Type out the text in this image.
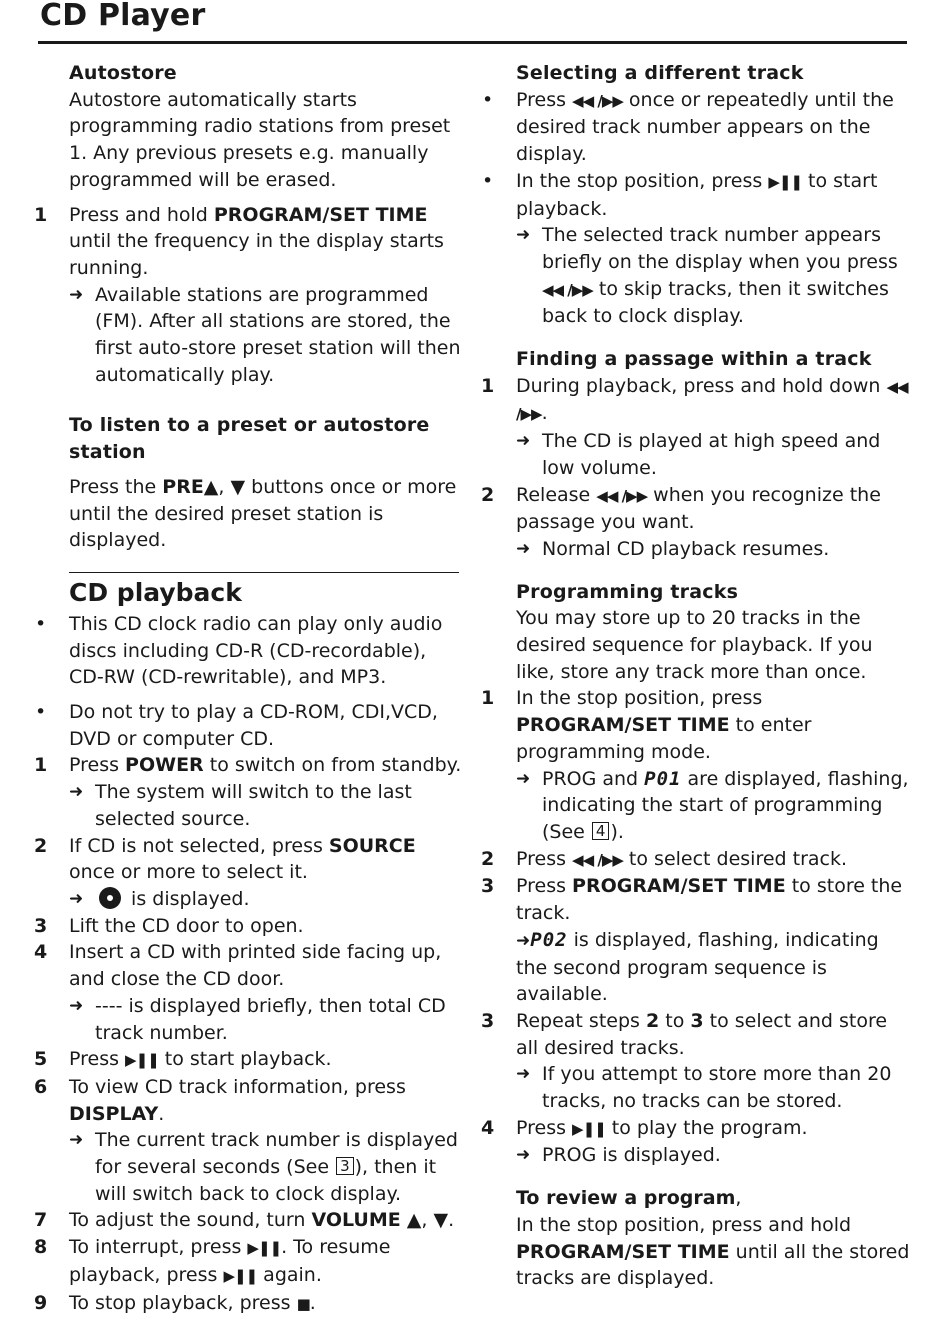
CD Player
Autostore
Autostore automatically starts programming radio stations from preset 1. Any previous presets e.g. manually programmed will be erased.
1	Press and hold PROGRAM/SET TIME until the frequency in the display starts running.
➜ Available stations are programmed (FM). After all stations are stored, the first auto-store preset station will then automatically play.
To listen to a preset or autostore station
Press the PRE▲, ▼ buttons once or more until the desired preset station is displayed.
CD playback
•	This CD clock radio can play only audio discs including CD-R (CD-recordable), CD-RW (CD-rewritable), and MP3.
•	Do not try to play a CD-ROM, CDI,VCD, DVD or computer CD.
1	Press POWER to switch on from standby.
➜ The system will switch to the last selected source.
2	If CD is not selected, press SOURCE once or more to select it.
➜	is displayed.
3	Lift the CD door to open.
4	Insert a CD with printed side facing up, and close the CD door.
➜ ---- is displayed briefly, then total CD track number.
5	Press ▶❚❚ to start playback.
6	To view CD track information, press DISPLAY.
➜ The current track number is displayed for several seconds (See 3 ), then it will switch back to clock display.
7	To adjust the sound, turn VOLUME ▲, ▼.
8	To interrupt, press ▶❚❚. To resume playback, press ▶❚❚ again.
9	To stop playback, press ■.
Selecting a different track
•	Press ◀◀ /▶▶ once or repeatedly until the desired track number appears on the display.
•	In the stop position, press ▶❚❚ to start playback.
➜ The selected track number appears briefly on the display when you press ◀◀ /▶▶ to skip tracks, then it switches back to clock display.
Finding a passage within a track
1	During playback, press and hold down ◀◀ /▶▶.
➜ The CD is played at high speed and low volume.
2	Release ◀◀ /▶▶ when you recognize the passage you want.
➜ Normal CD playback resumes.
Programming tracks
You may store up to 20 tracks in the desired sequence for playback. If you like, store any track more than once.
1	In the stop position, press PROGRAM/SET TIME to enter programming mode.
➜ PROG and P01 are displayed, flashing, indicating the start of programming (See 4 ).
2	Press ◀◀ /▶▶ to select desired track.
3	Press PROGRAM/SET TIME to store the track.
➜P02 is displayed, flashing, indicating the second program sequence is available.
3	Repeat steps 2 to 3 to select and store all desired tracks.
➜ If you attempt to store more than 20 tracks, no tracks can be stored.
4	Press ▶❚❚ to play the program.
➜ PROG is displayed.
To review a program,
In the stop position, press and hold
PROGRAM/SET TIME until all the stored tracks are displayed.
